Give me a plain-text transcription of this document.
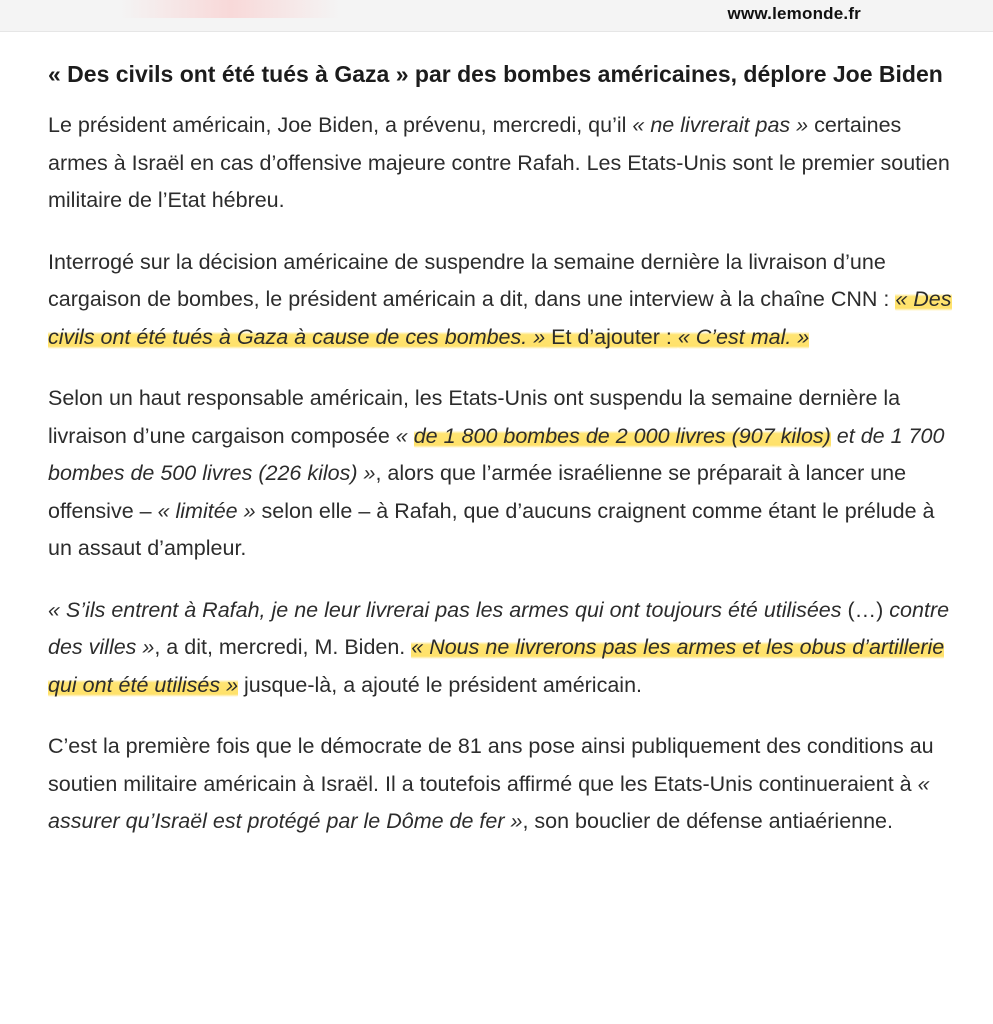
www.lemonde.fr
« Des civils ont été tués à Gaza » par des bombes américaines, déplore Joe Biden

Le président américain, Joe Biden, a prévenu, mercredi, qu’il « ne livrerait pas » certaines armes à Israël en cas d’offensive majeure contre Rafah. Les Etats-Unis sont le premier soutien militaire de l’Etat hébreu.

Interrogé sur la décision américaine de suspendre la semaine dernière la livraison d’une cargaison de bombes, le président américain a dit, dans une interview à la chaîne CNN : « Des civils ont été tués à Gaza à cause de ces bombes. » Et d’ajouter : « C’est mal. »

Selon un haut responsable américain, les Etats-Unis ont suspendu la semaine dernière la livraison d’une cargaison composée « de 1 800 bombes de 2 000 livres (907 kilos) et de 1 700 bombes de 500 livres (226 kilos) », alors que l’armée israélienne se préparait à lancer une offensive – « limitée » selon elle – à Rafah, que d’aucuns craignent comme étant le prélude à un assaut d’ampleur.

« S’ils entrent à Rafah, je ne leur livrerai pas les armes qui ont toujours été utilisées (…) contre des villes », a dit, mercredi, M. Biden. « Nous ne livrerons pas les armes et les obus d’artillerie qui ont été utilisés » jusque-là, a ajouté le président américain.

C’est la première fois que le démocrate de 81 ans pose ainsi publiquement des conditions au soutien militaire américain à Israël. Il a toutefois affirmé que les Etats-Unis continueraient à « assurer qu’Israël est protégé par le Dôme de fer », son bouclier de défense antiaérienne.
